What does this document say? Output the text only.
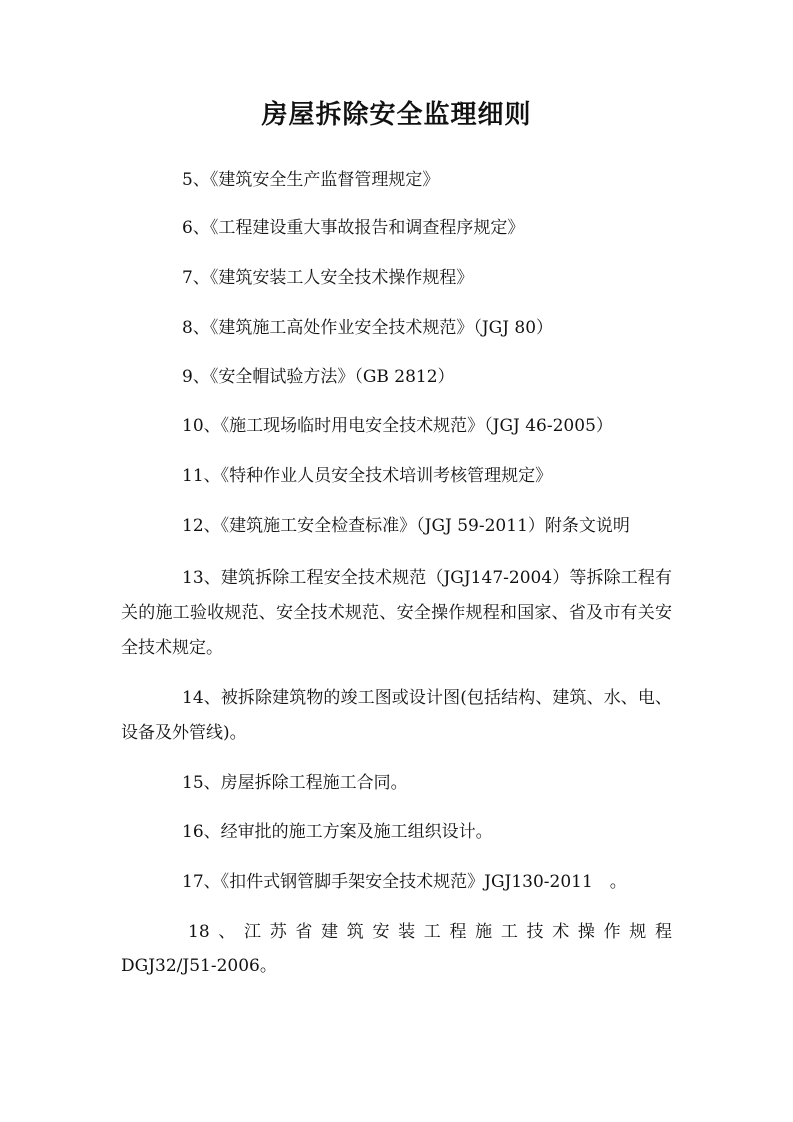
房屋拆除安全监理细则
5、《建筑安全生产监督管理规定》
6、《工程建设重大事故报告和调查程序规定》
7、《建筑安装工人安全技术操作规程》
8、《建筑施工高处作业安全技术规范》（JGJ 80）
9、《安全帽试验方法》（GB 2812）
10、《施工现场临时用电安全技术规范》（JGJ 46-2005）
11、《特种作业人员安全技术培训考核管理规定》
12、《建筑施工安全检查标准》（JGJ 59-2011）附条文说明
13、建筑拆除工程安全技术规范（JGJ147-2004）等拆除工程有关的施工验收规范、安全技术规范、安全操作规程和国家、省及市有关安全技术规定。
14、被拆除建筑物的竣工图或设计图(包括结构、建筑、水、电、设备及外管线)。
15、房屋拆除工程施工合同。
16、经审批的施工方案及施工组织设计。
17、《扣件式钢管脚手架安全技术规范》JGJ130-2011　。
18、江苏省建筑安装工程施工技术操作规程
DGJ32/J51-2006。
